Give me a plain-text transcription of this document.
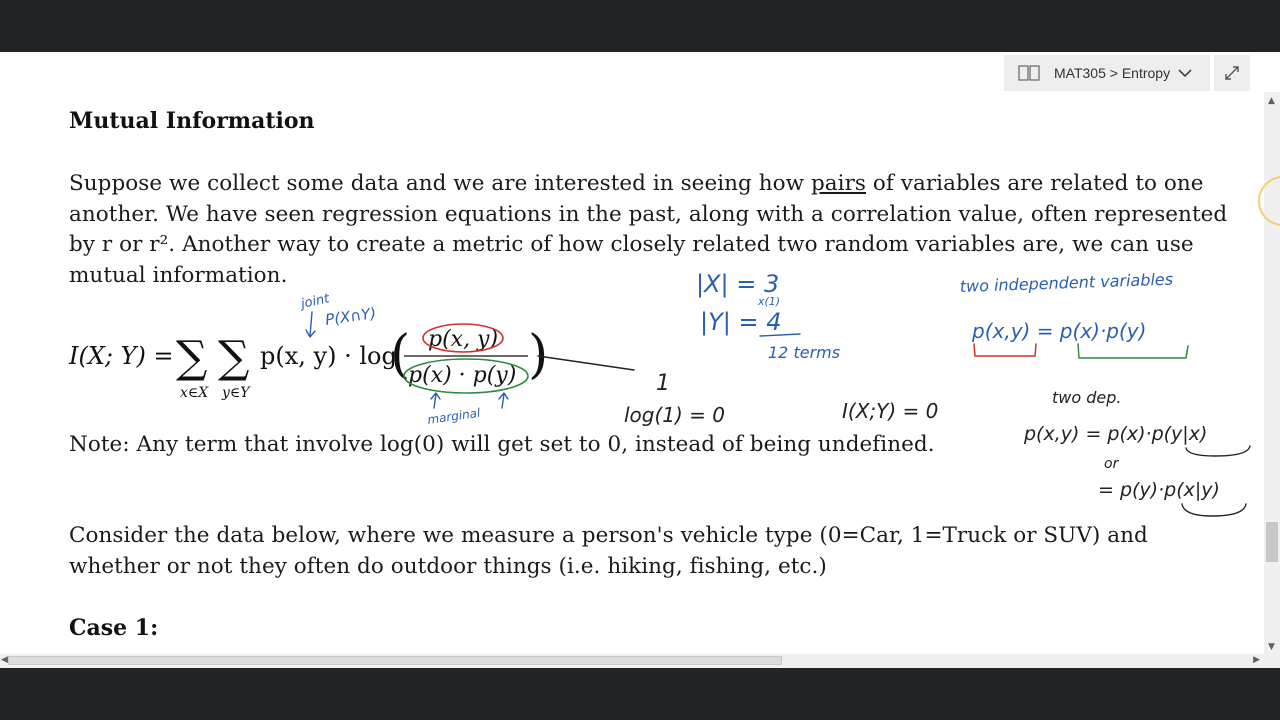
Mutual Information
Suppose we collect some data and we are interested in seeing how pairs of variables are related to one
another. We have seen regression equations in the past, along with a correlation value, often represented
by r or r². Another way to create a metric of how closely related two random variables are, we can use
mutual information.
Note: Any term that involve log(0) will get set to 0, instead of being undefined.
Consider the data below, where we measure a person's vehicle type (0=Car, 1=Truck or SUV) and
whether or not they often do outdoor things (i.e. hiking, fishing, etc.)
Case 1:
I(X; Y) = ∑ ∑
x∈X y∈Y
p(x, y) · log
( p(x, y)
p(x) · p(y) )
joint
P(X∩Y)
marginal
|X| = 3
x(1)
|Y| = 4
12 terms
1
log(1) = 0	I(X;Y) = 0
two independent variables
p(x,y) = p(x)·p(y)
two dep.
p(x,y) = p(x)·p(y|x)
or
= p(y)·p(x|y)
MAT305
>
Entropy
▲
▼
◀	▶
